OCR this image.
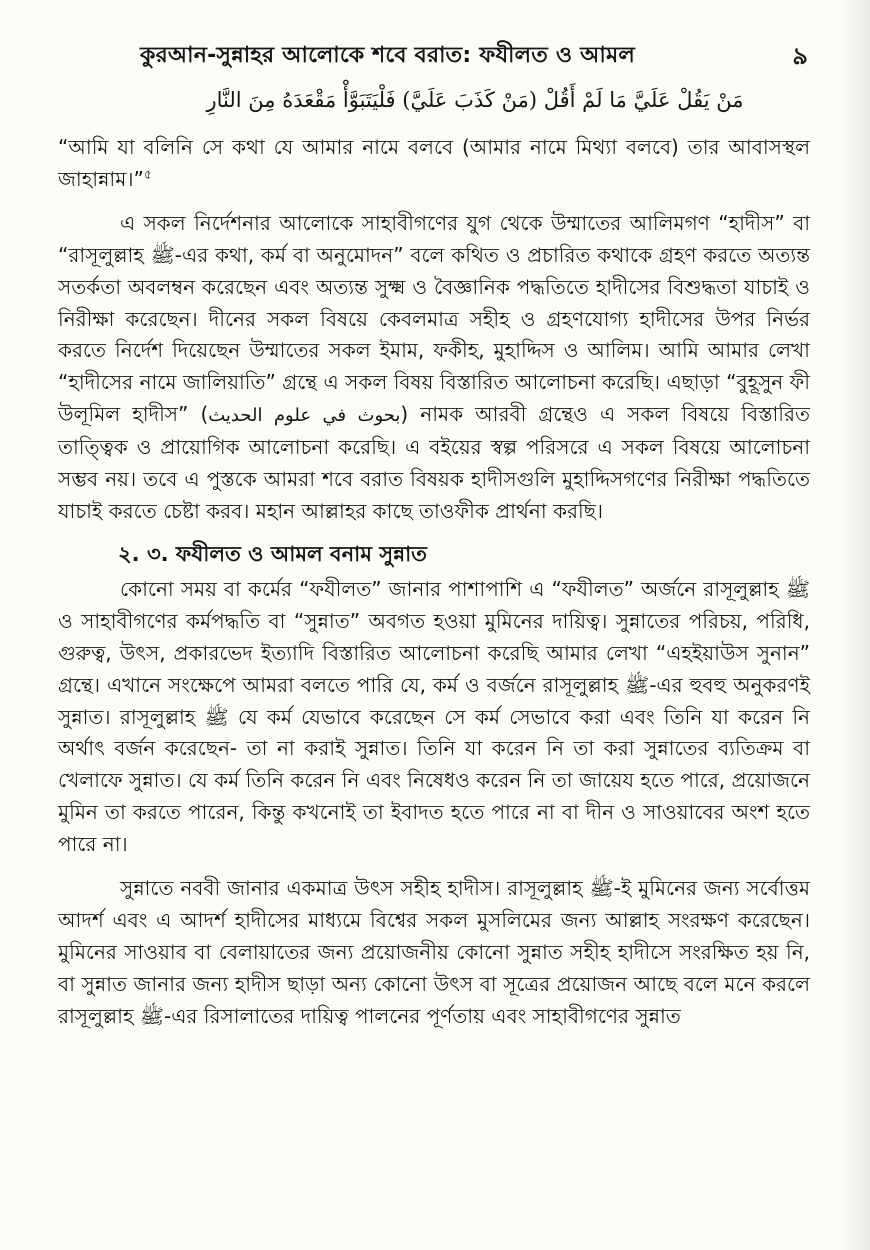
কুরআন-সুন্নাহর আলোকে শবে বরাত: ফযীলত ও আমল	৯
مَنْ يَقُلْ عَلَيَّ مَا لَمْ أَقُلْ (مَنْ كَذَبَ عَلَيَّ) فَلْيَتَبَوَّأْ مَقْعَدَهُ مِنَ النَّارِ

“আমি যা বলিনি সে কথা যে আমার নামে বলবে (আমার নামে মিথ্যা বলবে) তার আবাসস্থল জাহান্নাম।”$^৫$

এ সকল নির্দেশনার আলোকে সাহাবীগণের যুগ থেকে উম্মাতের আলিমগণ “হাদীস” বা “রাসূলুল্লাহ ﷺ-এর কথা, কর্ম বা অনুমোদন” বলে কথিত ও প্রচারিত কথাকে গ্রহণ করতে অত্যন্ত সতর্কতা অবলম্বন করেছেন এবং অত্যন্ত সুক্ষ্ম ও বৈজ্ঞানিক পদ্ধতিতে হাদীসের বিশুদ্ধতা যাচাই ও নিরীক্ষা করেছেন। দীনের সকল বিষয়ে কেবলমাত্র সহীহ ও গ্রহণযোগ্য হাদীসের উপর নির্ভর করতে নির্দেশ দিয়েছেন উম্মাতের সকল ইমাম, ফকীহ, মুহাদ্দিস ও আলিম। আমি আমার লেখা “হাদীসের নামে জালিয়াতি” গ্রন্থে এ সকল বিষয় বিস্তারিত আলোচনা করেছি। এছাড়া “বুহূসুন ফী উলূমিল হাদীস” (بحوث في علوم الحديث) নামক আরবী গ্রন্থেও এ সকল বিষয়ে বিস্তারিত তাত্ত্বিক ও প্রায়োগিক আলোচনা করেছি। এ বইয়ের স্বল্প পরিসরে এ সকল বিষয়ে আলোচনা সম্ভব নয়। তবে এ পুস্তকে আমরা শবে বরাত বিষয়ক হাদীসগুলি মুহাদ্দিসগণের নিরীক্ষা পদ্ধতিতে যাচাই করতে চেষ্টা করব। মহান আল্লাহর কাছে তাওফীক প্রার্থনা করছি।

২. ৩. ফযীলত ও আমল বনাম সুন্নাত

কোনো সময় বা কর্মের “ফযীলত” জানার পাশাপাশি এ “ফযীলত” অর্জনে রাসূলুল্লাহ ﷺ ও সাহাবীগণের কর্মপদ্ধতি বা “সুন্নাত” অবগত হওয়া মুমিনের দায়িত্ব। সুন্নাতের পরিচয়, পরিধি, গুরুত্ব, উৎস, প্রকারভেদ ইত্যাদি বিস্তারিত আলোচনা করেছি আমার লেখা “এহইয়াউস সুনান” গ্রন্থে। এখানে সংক্ষেপে আমরা বলতে পারি যে, কর্ম ও বর্জনে রাসূলুল্লাহ ﷺ-এর হুবহু অনুকরণই সুন্নাত। রাসূলুল্লাহ ﷺ যে কর্ম যেভাবে করেছেন সে কর্ম সেভাবে করা এবং তিনি যা করেন নি অর্থাৎ বর্জন করেছেন- তা না করাই সুন্নাত। তিনি যা করেন নি তা করা সুন্নাতের ব্যতিক্রম বা খেলাফে সুন্নাত। যে কর্ম তিনি করেন নি এবং নিষেধও করেন নি তা জায়েয হতে পারে, প্রয়োজনে মুমিন তা করতে পারেন, কিন্তু কখনোই তা ইবাদত হতে পারে না বা দীন ও সাওয়াবের অংশ হতে পারে না।

সুন্নাতে নববী জানার একমাত্র উৎস সহীহ হাদীস। রাসূলুল্লাহ ﷺ-ই মুমিনের জন্য সর্বোত্তম আদর্শ এবং এ আদর্শ হাদীসের মাধ্যমে বিশ্বের সকল মুসলিমের জন্য আল্লাহ সংরক্ষণ করেছেন। মুমিনের সাওয়াব বা বেলায়াতের জন্য প্রয়োজনীয় কোনো সুন্নাত সহীহ হাদীসে সংরক্ষিত হয় নি, বা সুন্নাত জানার জন্য হাদীস ছাড়া অন্য কোনো উৎস বা সূত্রের প্রয়োজন আছে বলে মনে করলে রাসূলুল্লাহ ﷺ-এর রিসালাতের দায়িত্ব পালনের পূর্ণতায় এবং সাহাবীগণের সুন্নাত
